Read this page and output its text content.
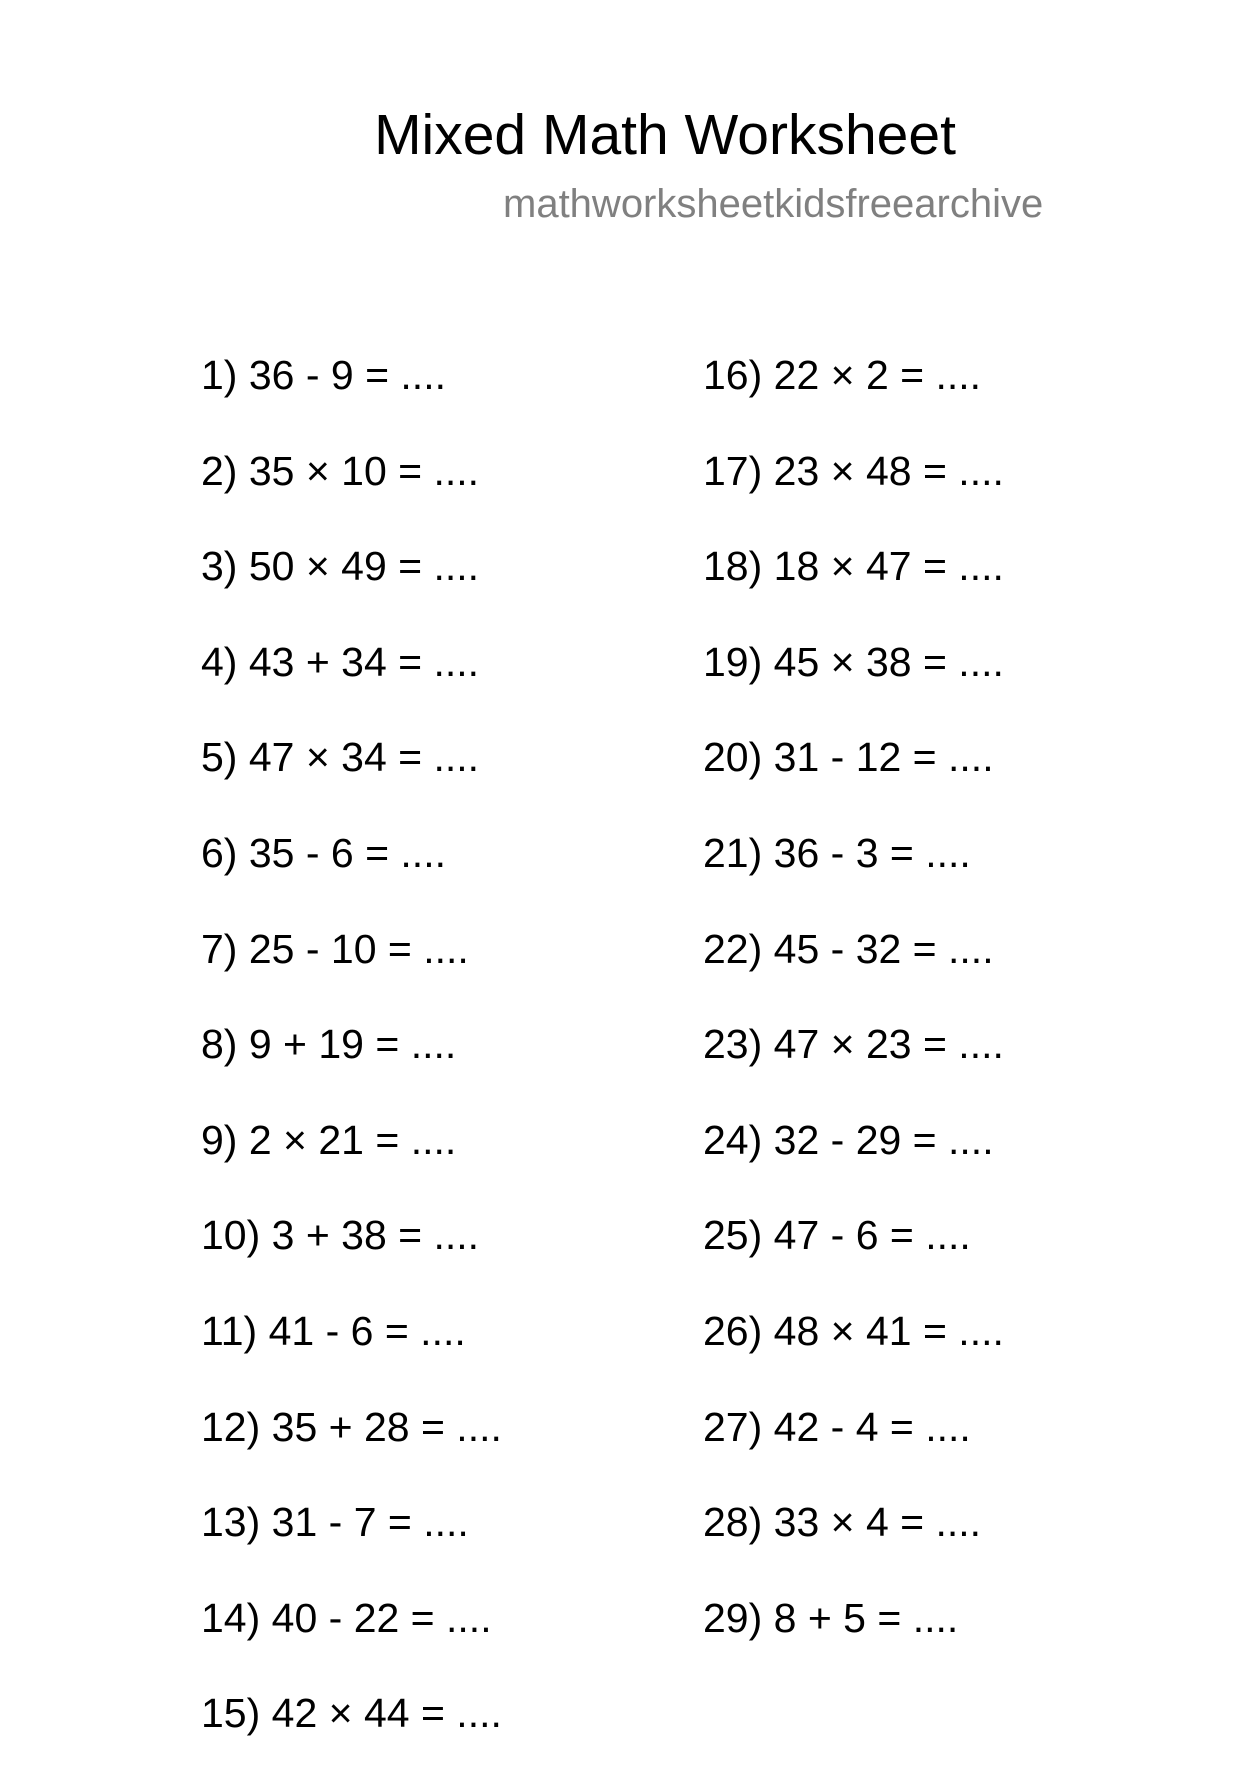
Mixed Math Worksheet
mathworksheetkidsfreearchive
1) 36 - 9 = ....
2) 35 × 10 = ....
3) 50 × 49 = ....
4) 43 + 34 = ....
5) 47 × 34 = ....
6) 35 - 6 = ....
7) 25 - 10 = ....
8) 9 + 19 = ....
9) 2 × 21 = ....
10) 3 + 38 = ....
11) 41 - 6 = ....
12) 35 + 28 = ....
13) 31 - 7 = ....
14) 40 - 22 = ....
15) 42 × 44 = ....
16) 22 × 2 = ....
17) 23 × 48 = ....
18) 18 × 47 = ....
19) 45 × 38 = ....
20) 31 - 12 = ....
21) 36 - 3 = ....
22) 45 - 32 = ....
23) 47 × 23 = ....
24) 32 - 29 = ....
25) 47 - 6 = ....
26) 48 × 41 = ....
27) 42 - 4 = ....
28) 33 × 4 = ....
29) 8 + 5 = ....
